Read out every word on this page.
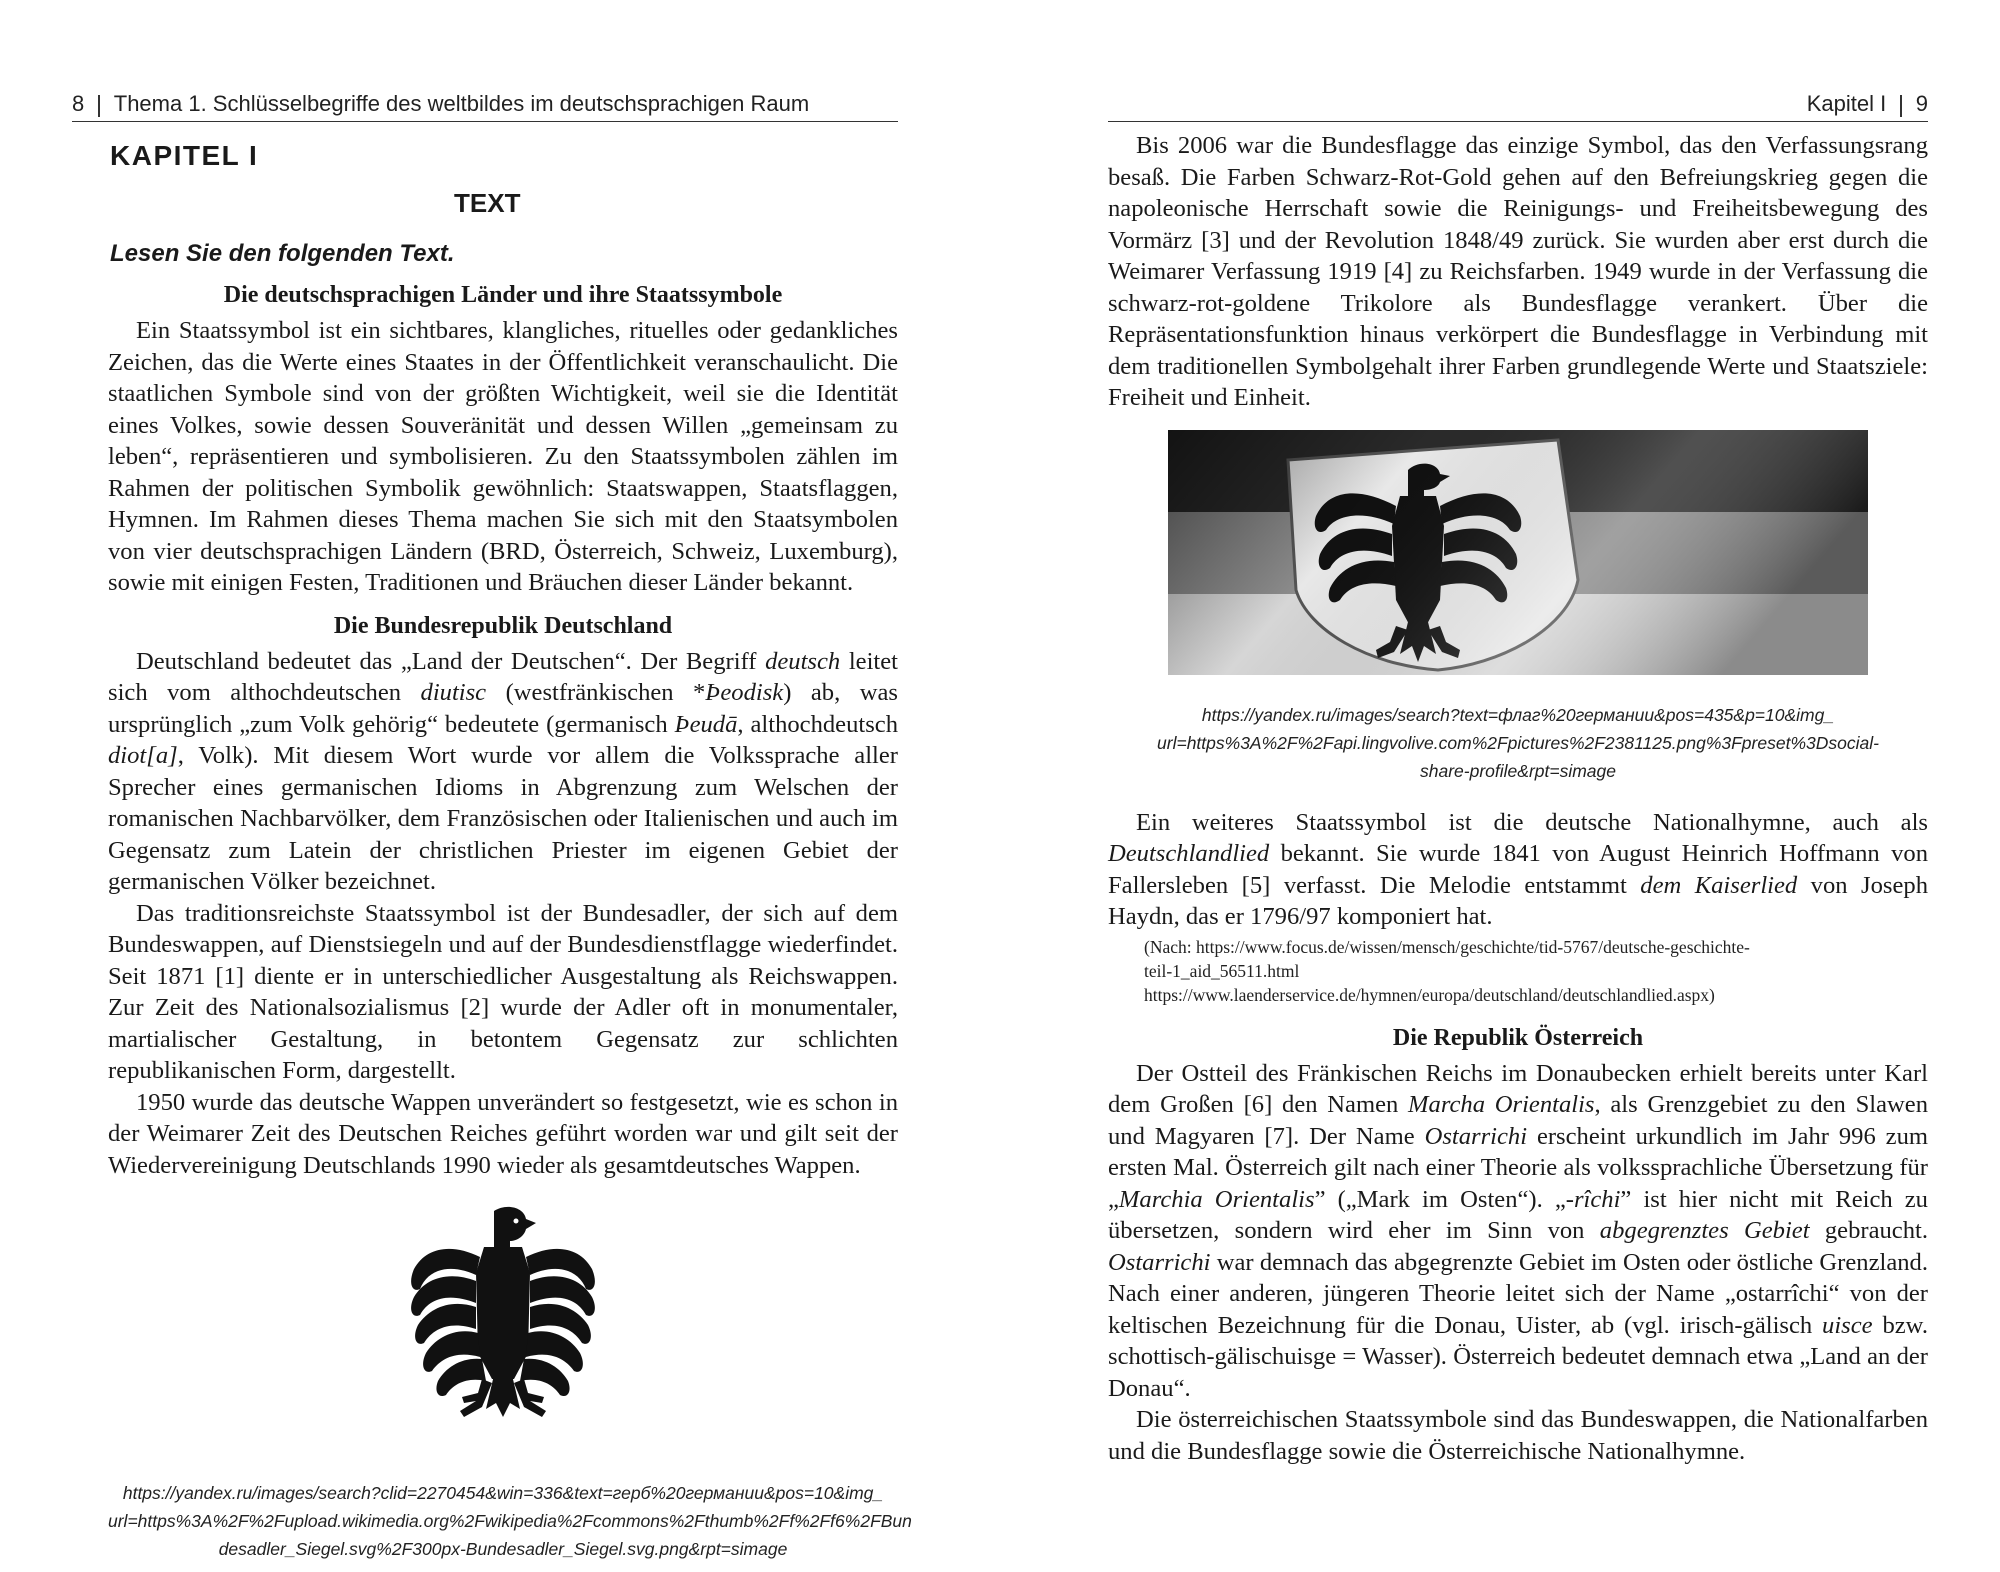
8 Thema 1. Schlüsselbegriffe des weltbildes im deutschsprachigen Raum

KAPITEL I

TEXT

Lesen Sie den folgenden Text.

Die deutschsprachigen Länder und ihre Staatssymbole

Ein Staatssymbol ist ein sichtbares, klangliches, rituelles oder gedankliches Zeichen, das die Werte eines Staates in der Öffentlichkeit veranschaulicht. Die staatlichen Symbole sind von der größten Wichtigkeit, weil sie die Identität eines Volkes, sowie dessen Souveränität und dessen Willen „gemeinsam zu leben“, repräsentieren und symbolisieren. Zu den Staatssymbolen zählen im Rahmen der politischen Symbolik gewöhnlich: Staatswappen, Staatsflaggen, Hymnen. Im Rahmen dieses Thema machen Sie sich mit den Staatsymbolen von vier deutschsprachigen Ländern (BRD, Österreich, Schweiz, Luxemburg), sowie mit einigen Festen, Traditionen und Bräuchen dieser Länder bekannt.

Die Bundesrepublik Deutschland

Deutschland bedeutet das „Land der Deutschen“. Der Begriff deutsch leitet sich vom althochdeutschen diutisc (westfränkischen *Þeodisk) ab, was ursprünglich „zum Volk gehörig“ bedeutete (germanisch Þeudā, althochdeutsch diot[a], Volk). Mit diesem Wort wurde vor allem die Volkssprache aller Sprecher eines germanischen Idioms in Abgrenzung zum Welschen der romanischen Nachbarvölker, dem Französischen oder Italienischen und auch im Gegensatz zum Latein der christlichen Priester im eigenen Gebiet der germanischen Völker bezeichnet.

Das traditionsreichste Staatssymbol ist der Bundesadler, der sich auf dem Bundeswappen, auf Dienstsiegeln und auf der Bundesdienstflagge wiederfindet. Seit 1871 [1] diente er in unterschiedlicher Ausgestaltung als Reichswappen. Zur Zeit des Nationalsozialismus [2] wurde der Adler oft in monumentaler, martialischer Gestaltung, in betontem Gegensatz zur schlichten republikanischen Form, dargestellt.

1950 wurde das deutsche Wappen unverändert so festgesetzt, wie es schon in der Weimarer Zeit des Deutschen Reiches geführt worden war und gilt seit der Wiedervereinigung Deutschlands 1990 wieder als gesamtdeutsches Wappen.

https://yandex.ru/images/search?clid=2270454&win=336&text=герб%20германии&pos=10&img_

url=https%3A%2F%2Fupload.wikimedia.org%2Fwikipedia%2Fcommons%2Fthumb%2Ff%2Ff6%2FBun

desadler_Siegel.svg%2F300px-Bundesadler_Siegel.svg.png&rpt=simage

Kapitel I 9

Bis 2006 war die Bundesflagge das einzige Symbol, das den Verfassungsrang besaß. Die Farben Schwarz-Rot-Gold gehen auf den Befreiungskrieg gegen die napoleonische Herrschaft sowie die Reinigungs- und Freiheitsbewegung des Vormärz [3] und der Revolution 1848/49 zurück. Sie wurden aber erst durch die Weimarer Verfassung 1919 [4] zu Reichsfarben. 1949 wurde in der Verfassung die schwarz-rot-goldene Trikolore als Bundesflagge verankert. Über die Repräsentationsfunktion hinaus verkörpert die Bundesflagge in Verbindung mit dem traditionellen Symbolgehalt ihrer Farben grundlegende Werte und Staatsziele: Freiheit und Einheit.

https://yandex.ru/images/search?text=флаг%20германии&pos=435&p=10&img_

url=https%3A%2F%2Fapi.lingvolive.com%2Fpictures%2F2381125.png%3Fpreset%3Dsocial-

share-profile&rpt=simage

Ein weiteres Staatssymbol ist die deutsche Nationalhymne, auch als Deutschlandlied bekannt. Sie wurde 1841 von August Heinrich Hoffmann von Fallersleben [5] verfasst. Die Melodie entstammt dem Kaiserlied von Joseph Haydn, das er 1796/97 komponiert hat.

(Nach: https://www.focus.de/wissen/mensch/geschichte/tid-5767/deutsche-geschichte-

teil-1_aid_56511.html

https://www.laenderservice.de/hymnen/europa/deutschland/deutschlandlied.aspx)

Die Republik Österreich

Der Ostteil des Fränkischen Reichs im Donaubecken erhielt bereits unter Karl dem Großen [6] den Namen Marcha Orientalis, als Grenzgebiet zu den Slawen und Magyaren [7]. Der Name Ostarrichi erscheint urkundlich im Jahr 996 zum ersten Mal. Österreich gilt nach einer Theorie als volkssprachliche Übersetzung für „Marchia Orientalis” („Mark im Osten“). „-rîchi” ist hier nicht mit Reich zu übersetzen, sondern wird eher im Sinn von abgegrenztes Gebiet gebraucht. Ostarrichi war demnach das abgegrenzte Gebiet im Osten oder östliche Grenzland. Nach einer anderen, jüngeren Theorie leitet sich der Name „ostarrîchi“ von der keltischen Bezeichnung für die Donau, Uister, ab (vgl. irisch-gälisch uisce bzw. schottisch-gälischuisge = Wasser). Österreich bedeutet demnach etwa „Land an der Donau“.

Die österreichischen Staatssymbole sind das Bundeswappen, die Nationalfarben und die Bundesflagge sowie die Österreichische Nationalhymne.
